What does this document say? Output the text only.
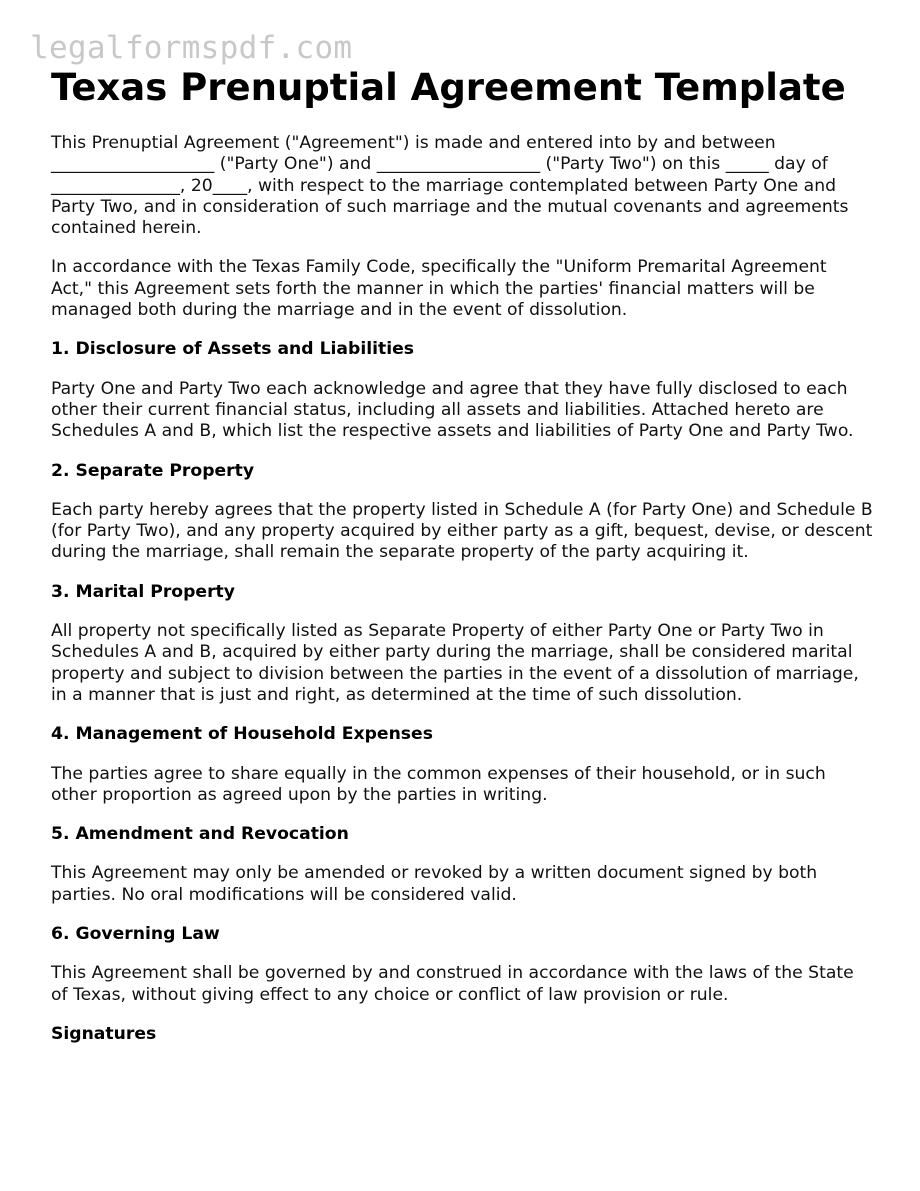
legalformspdf.com
Texas Prenuptial Agreement Template

This Prenuptial Agreement ("Agreement") is made and entered into by and between ___________________ ("Party One") and ___________________ ("Party Two") on this _____ day of _______________, 20____, with respect to the marriage contemplated between Party One and Party Two, and in consideration of such marriage and the mutual covenants and agreements contained herein.

In accordance with the Texas Family Code, specifically the "Uniform Premarital Agreement Act," this Agreement sets forth the manner in which the parties' financial matters will be managed both during the marriage and in the event of dissolution.

1. Disclosure of Assets and Liabilities

Party One and Party Two each acknowledge and agree that they have fully disclosed to each other their current financial status, including all assets and liabilities. Attached hereto are Schedules A and B, which list the respective assets and liabilities of Party One and Party Two.

2. Separate Property

Each party hereby agrees that the property listed in Schedule A (for Party One) and Schedule B (for Party Two), and any property acquired by either party as a gift, bequest, devise, or descent during the marriage, shall remain the separate property of the party acquiring it.

3. Marital Property

All property not specifically listed as Separate Property of either Party One or Party Two in Schedules A and B, acquired by either party during the marriage, shall be considered marital property and subject to division between the parties in the event of a dissolution of marriage, in a manner that is just and right, as determined at the time of such dissolution.

4. Management of Household Expenses

The parties agree to share equally in the common expenses of their household, or in such other proportion as agreed upon by the parties in writing.

5. Amendment and Revocation

This Agreement may only be amended or revoked by a written document signed by both parties. No oral modifications will be considered valid.

6. Governing Law

This Agreement shall be governed by and construed in accordance with the laws of the State of Texas, without giving effect to any choice or conflict of law provision or rule.

Signatures
